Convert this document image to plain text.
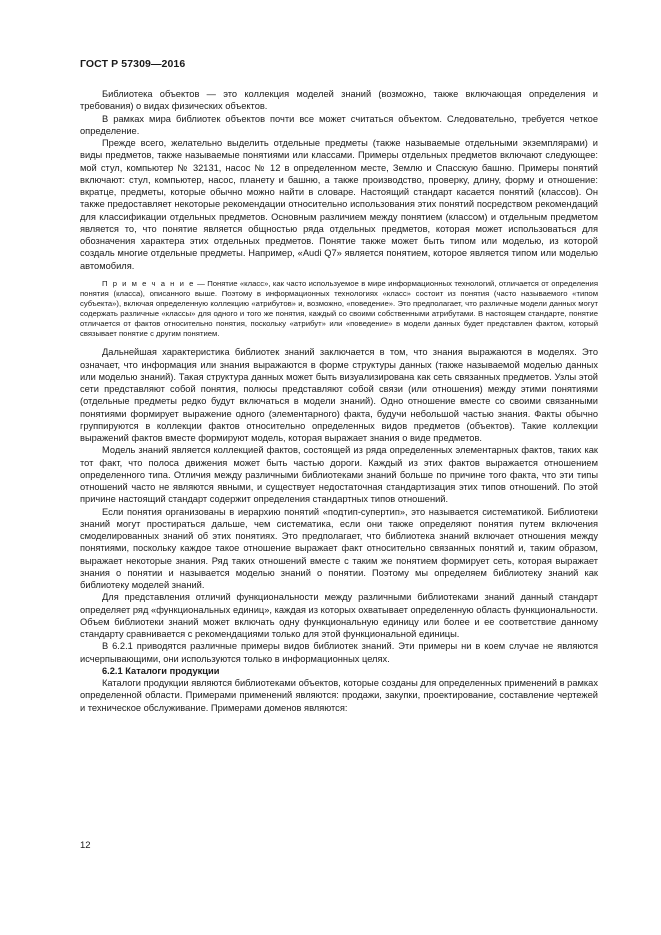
ГОСТ Р 57309—2016

Библиотека объектов — это коллекция моделей знаний (возможно, также включающая определения и требования) о видах физических объектов.

В рамках мира библиотек объектов почти все может считаться объектом. Следовательно, требуется четкое определение.

Прежде всего, желательно выделить отдельные предметы (также называемые отдельными экземплярами) и виды предметов, также называемые понятиями или классами. Примеры отдельных предметов включают следующее: мой стул, компьютер № 32131, насос № 12 в определенном месте, Землю и Спасскую башню. Примеры понятий включают: стул, компьютер, насос, планету и башню, а также производство, проверку, длину, форму и отношение: вкратце, предметы, которые обычно можно найти в словаре. Настоящий стандарт касается понятий (классов). Он также предоставляет некоторые рекомендации относительно использования этих понятий посредством рекомендаций для классификации отдельных предметов. Основным различием между понятием (классом) и отдельным предметом является то, что понятие является общностью ряда отдельных предметов, которая может использоваться для обозначения характера этих отдельных предметов. Понятие также может быть типом или моделью, из которой создаль многие отдельные предметы. Например, «Audi Q7» является понятием, которое является типом или моделью автомобиля.

П р и м е ч а н и е — Понятие «класс», как часто используемое в мире информационных технологий, отличается от определения понятия (класса), описанного выше. Поэтому в информационных технологиях «класс» состоит из понятия (часто называемого «типом субъекта»), включая определенную коллекцию «атрибутов» и, возможно, «поведение». Это предполагает, что различные модели данных могут содержать различные «классы» для одного и того же понятия, каждый со своими собственными атрибутами. В настоящем стандарте, понятие отличается от фактов относительно понятия, поскольку «атрибут» или «поведение» в модели данных будет представлен фактом, который связывает понятие с другим понятием.

Дальнейшая характеристика библиотек знаний заключается в том, что знания выражаются в моделях. Это означает, что информация или знания выражаются в форме структуры данных (также называемой моделью данных или моделью знаний). Такая структура данных может быть визуализирована как сеть связанных предметов. Узлы этой сети представляют собой понятия, полюсы представляют собой связи (или отношения) между этими понятиями (отдельные предметы редко будут включаться в модели знаний). Одно отношение вместе со своими связанными понятиями формирует выражение одного (элементарного) факта, будучи небольшой частью знания. Факты обычно группируются в коллекции фактов относительно определенных видов предметов (объектов). Такие коллекции выражений фактов вместе формируют модель, которая выражает знания о виде предметов.

Модель знаний является коллекцией фактов, состоящей из ряда определенных элементарных фактов, таких как тот факт, что полоса движения может быть частью дороги. Каждый из этих фактов выражается отношением определенного типа. Отличия между различными библиотеками знаний больше по причине того факта, что эти типы отношений часто не являются явными, и существует недостаточная стандартизация этих типов отношений. По этой причине настоящий стандарт содержит определения стандартных типов отношений.

Если понятия организованы в иерархию понятий «подтип-супертип», это называется систематикой. Библиотеки знаний могут простираться дальше, чем систематика, если они также определяют понятия путем включения смоделированных знаний об этих понятиях. Это предполагает, что библиотека знаний включает отношения между понятиями, поскольку каждое такое отношение выражает факт относительно связанных понятий и, таким образом, выражает некоторые знания. Ряд таких отношений вместе с таким же понятием формирует сеть, которая выражает знания о понятии и называется моделью знаний о понятии. Поэтому мы определяем библиотеку знаний как библиотеку моделей знаний.

Для представления отличий функциональности между различными библиотеками знаний данный стандарт определяет ряд «функциональных единиц», каждая из которых охватывает определенную область функциональности. Объем библиотеки знаний может включать одну функциональную единицу или более и ее соответствие данному стандарту сравнивается с рекомендациями только для этой функциональной единицы.

В 6.2.1 приводятся различные примеры видов библиотек знаний. Эти примеры ни в коем случае не являются исчерпывающими, они используются только в информационных целях.

6.2.1 Каталоги продукции

Каталоги продукции являются библиотеками объектов, которые созданы для определенных применений в рамках определенной области. Примерами применений являются: продажи, закупки, проектирование, составление чертежей и техническое обслуживание. Примерами доменов являются:

12
